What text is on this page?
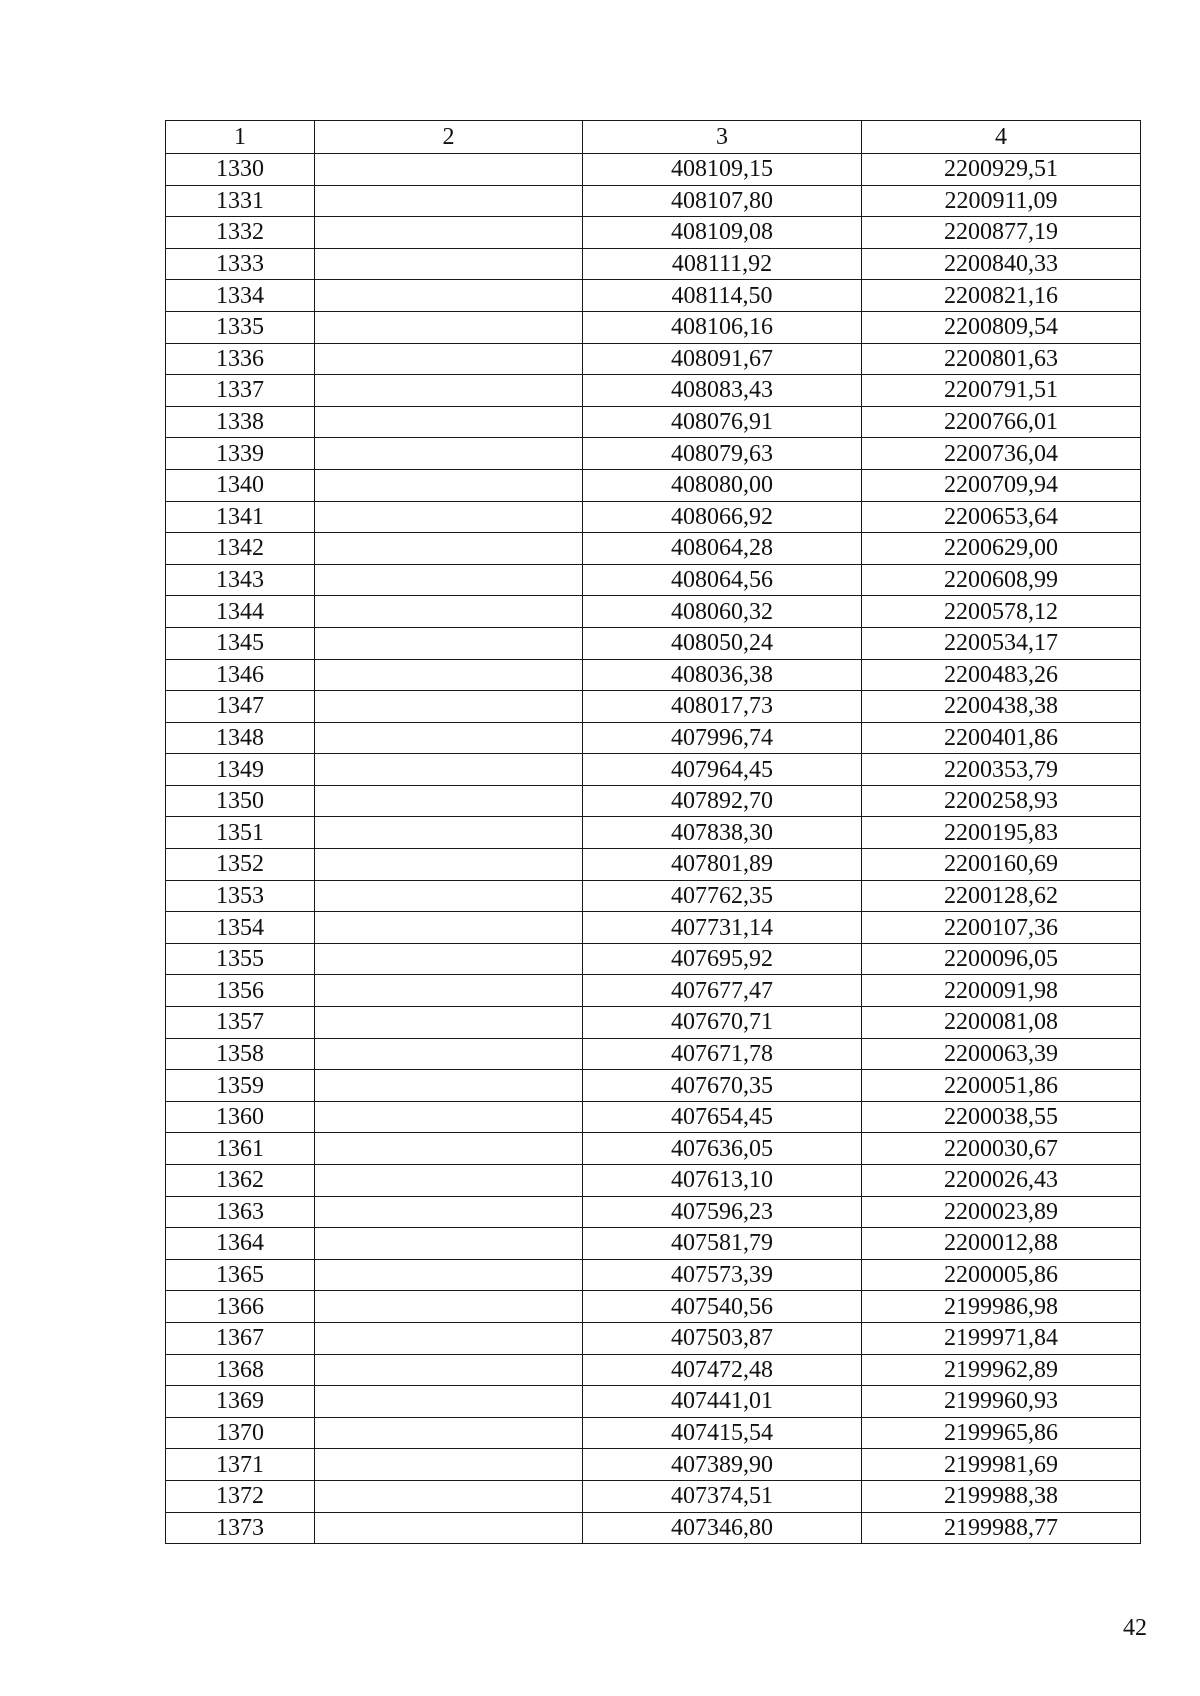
1	2	3	4
1330		408109,15	2200929,51
1331		408107,80	2200911,09
1332		408109,08	2200877,19
1333		408111,92	2200840,33
1334		408114,50	2200821,16
1335		408106,16	2200809,54
1336		408091,67	2200801,63
1337		408083,43	2200791,51
1338		408076,91	2200766,01
1339		408079,63	2200736,04
1340		408080,00	2200709,94
1341		408066,92	2200653,64
1342		408064,28	2200629,00
1343		408064,56	2200608,99
1344		408060,32	2200578,12
1345		408050,24	2200534,17
1346		408036,38	2200483,26
1347		408017,73	2200438,38
1348		407996,74	2200401,86
1349		407964,45	2200353,79
1350		407892,70	2200258,93
1351		407838,30	2200195,83
1352		407801,89	2200160,69
1353		407762,35	2200128,62
1354		407731,14	2200107,36
1355		407695,92	2200096,05
1356		407677,47	2200091,98
1357		407670,71	2200081,08
1358		407671,78	2200063,39
1359		407670,35	2200051,86
1360		407654,45	2200038,55
1361		407636,05	2200030,67
1362		407613,10	2200026,43
1363		407596,23	2200023,89
1364		407581,79	2200012,88
1365		407573,39	2200005,86
1366		407540,56	2199986,98
1367		407503,87	2199971,84
1368		407472,48	2199962,89
1369		407441,01	2199960,93
1370		407415,54	2199965,86
1371		407389,90	2199981,69
1372		407374,51	2199988,38
1373		407346,80	2199988,77
42
